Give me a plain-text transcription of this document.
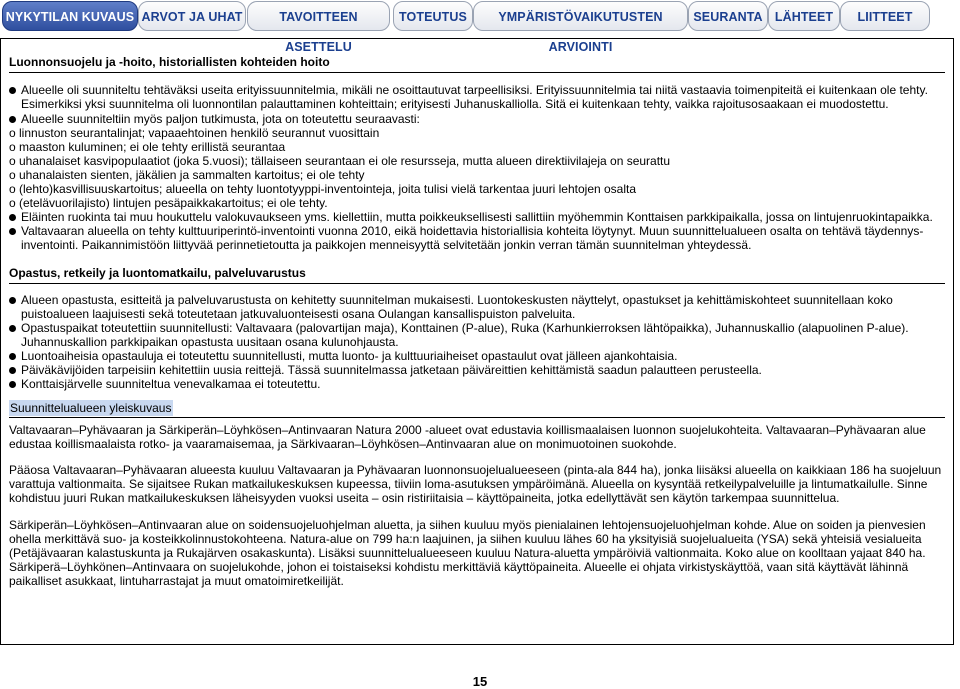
NYKYTILAN KUVAUS ARVOT JA UHAT	TAVOITTEEN ASETTELU
TOTEUTUS	YMPÄRISTÖVAIKUTUSTEN ARVIOINTI
SEURANTA LÄHTEET	LIITTEET
Luonnonsuojelu ja -hoito, historiallisten kohteiden hoito
Alueelle oli suunniteltu tehtäväksi useita erityissuunnitelmia, mikäli ne osoittautuvat tarpeellisiksi. Erityissuunnitelmia tai niitä vastaavia toimenpiteitä ei kuitenkaan ole tehty.
Esimerkiksi yksi suunnitelma oli luonnontilan palauttaminen kohteittain; erityisesti Juhanuskalliolla. Sitä ei kuitenkaan tehty, vaikka rajoitusosaakaan ei muodostettu.
Alueelle suunniteltiin myös paljon tutkimusta, jota on toteutettu seuraavasti:
o linnuston seurantalinjat; vapaaehtoinen henkilö seurannut vuosittain
o maaston kuluminen; ei ole tehty erillistä seurantaa
o uhanalaiset kasvipopulaatiot (joka 5.vuosi); tällaiseen seurantaan ei ole resursseja, mutta alueen direktiivilajeja on seurattu
o uhanalaisten sienten, jäkälien ja sammalten kartoitus; ei ole tehty
o (lehto)kasvillisuuskartoitus; alueella on tehty luontotyyppi-inventointeja, joita tulisi vielä tarkentaa juuri lehtojen osalta
o (etelävuorilajisto) lintujen pesäpaikkakartoitus; ei ole tehty.
Eläinten ruokinta tai muu houkuttelu valokuvaukseen yms. kiellettiin, mutta poikkeuksellisesti sallittiin myöhemmin Konttaisen parkkipaikalla, jossa on lintujenruokintapaikka.
Valtavaaran alueella on tehty kulttuuriperintö-inventointi vuonna 2010, eikä hoidettavia historiallisia kohteita löytynyt. Muun suunnittelualueen osalta on tehtävä täydennys-
inventointi. Paikannimistöön liittyvää perinnetietoutta ja paikkojen menneisyyttä selvitetään jonkin verran tämän suunnitelman yhteydessä.
Opastus, retkeily ja luontomatkailu, palveluvarustus
Alueen opastusta, esitteitä ja palveluvarustusta on kehitetty suunnitelman mukaisesti. Luontokeskusten näyttelyt, opastukset ja kehittämiskohteet suunnitellaan koko
puistoalueen laajuisesti sekä toteutetaan jatkuvaluonteisesti osana Oulangan kansallispuiston palveluita.
Opastuspaikat toteutettiin suunnitellusti: Valtavaara (palovartijan maja), Konttainen (P-alue), Ruka (Karhunkierroksen lähtöpaikka), Juhannuskallio (alapuolinen P-alue).
Juhannuskallion parkkipaikan opastusta uusitaan osana kulunohjausta.
Luontoaiheisia opastauluja ei toteutettu suunnitellusti, mutta luonto- ja kulttuuriaiheiset opastaulut ovat jälleen ajankohtaisia.
Päiväkävijöiden tarpeisiin kehitettiin uusia reittejä. Tässä suunnitelmassa jatketaan päiväreittien kehittämistä saadun palautteen perusteella.
Konttaisjärvelle suunniteltua venevalkamaa ei toteutettu.
Suunnittelualueen yleiskuvaus
Valtavaaran–Pyhävaaran ja Särkiperän–Löyhkösen–Antinvaaran Natura 2000 -alueet ovat edustavia koillismaalaisen luonnon suojelukohteita. Valtavaaran–Pyhävaaran alue
edustaa koillismaalaista rotko- ja vaaramaisemaa, ja Särkivaaran–Löyhkösen–Antinvaaran alue on monimuotoinen suokohde.
Pääosa Valtavaaran–Pyhävaaran alueesta kuuluu Valtavaaran ja Pyhävaaran luonnonsuojelualueeseen (pinta-ala 844 ha), jonka liisäksi alueella on kaikkiaan 186 ha suojeluun
varattuja valtionmaita. Se sijaitsee Rukan matkailukeskuksen kupeessa, tiiviin loma-asutuksen ympäröimänä. Alueella on kysyntää retkeilypalveluille ja lintumatkailulle. Sinne
kohdistuu juuri Rukan matkailukeskuksen läheisyyden vuoksi useita – osin ristiriitaisia – käyttöpaineita, jotka edellyttävät sen käytön tarkempaa suunnittelua.
Särkiperän–Löyhkösen–Antinvaaran alue on soidensuojeluohjelman aluetta, ja siihen kuuluu myös pienialainen lehtojensuojeluohjelman kohde. Alue on soiden ja pienvesien
ohella merkittävä suo- ja kosteikkolinnustokohteena. Natura-alue on 799 ha:n laajuinen, ja siihen kuuluu lähes 60 ha yksityisiä suojelualueita (YSA) sekä yhteisiä vesialueita
(Petäjävaaran kalastuskunta ja Rukajärven osakaskunta). Lisäksi suunnittelualueeseen kuuluu Natura-aluetta ympäröiviä valtionmaita. Koko alue on koolltaan yajaat 840 ha.
Särkiperä–Löyhkönen–Antinvaara on suojelukohde, johon ei toistaiseksi kohdistu merkittäviä käyttöpaineita. Alueelle ei ohjata virkistyskäyttöä, vaan sitä käyttävät lähinnä
paikalliset asukkaat, lintuharrastajat ja muut omatoimiretkeilijät.
15
